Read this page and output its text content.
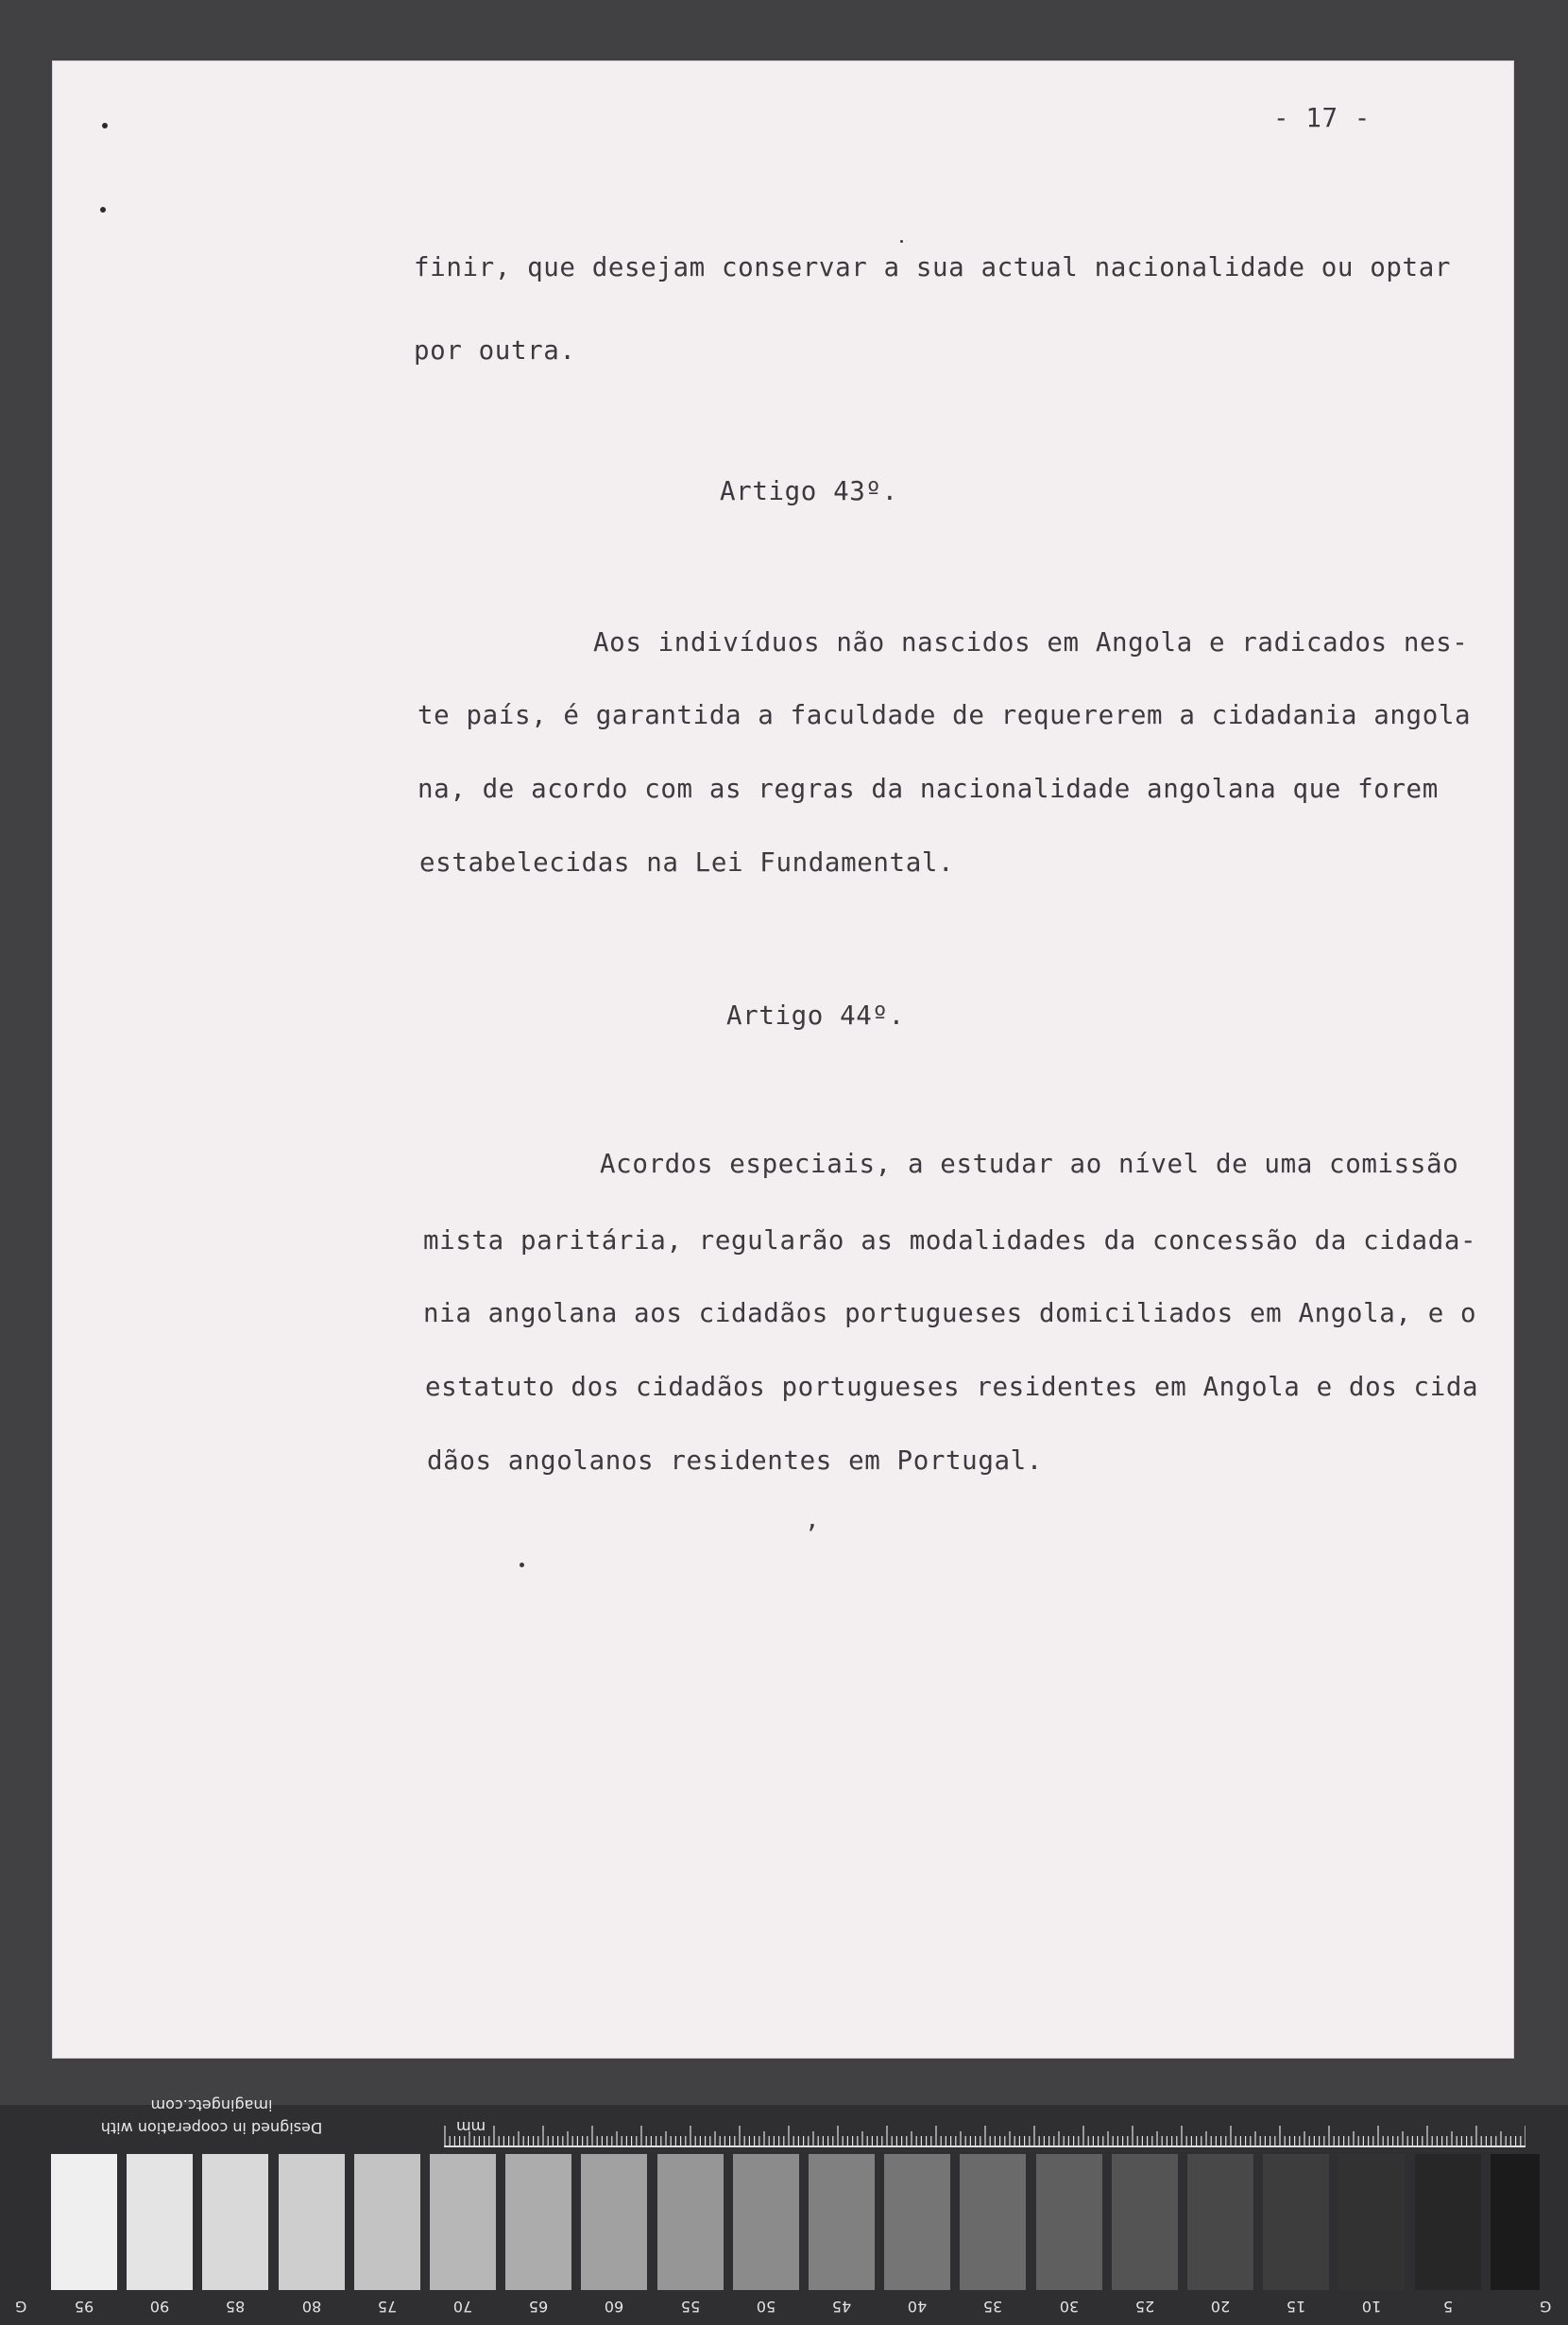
- 17 -
finir, que desejam conservar a sua actual nacionalidade ou optar
por outra.
Artigo 43º.
Aos indivíduos não nascidos em Angola e radicados nes-
te país, é garantida a faculdade de requererem a cidadania angola
na, de acordo com as regras da nacionalidade angolana que forem
estabelecidas na Lei Fundamental.
Artigo 44º.
Acordos especiais, a estudar ao nível de uma comissão
mista paritária, regularão as modalidades da concessão da cidada-
nia angolana aos cidadãos portugueses domiciliados em Angola, e o
estatuto dos cidadãos portugueses residentes em Angola e dos cida
dãos angolanos residentes em Portugal.
,
Designed in cooperation with imagingetc.com
mm
95	90	85	80	75	70	65	60	55	50	45	40	35	30	25	20	15	10	5
G	G
